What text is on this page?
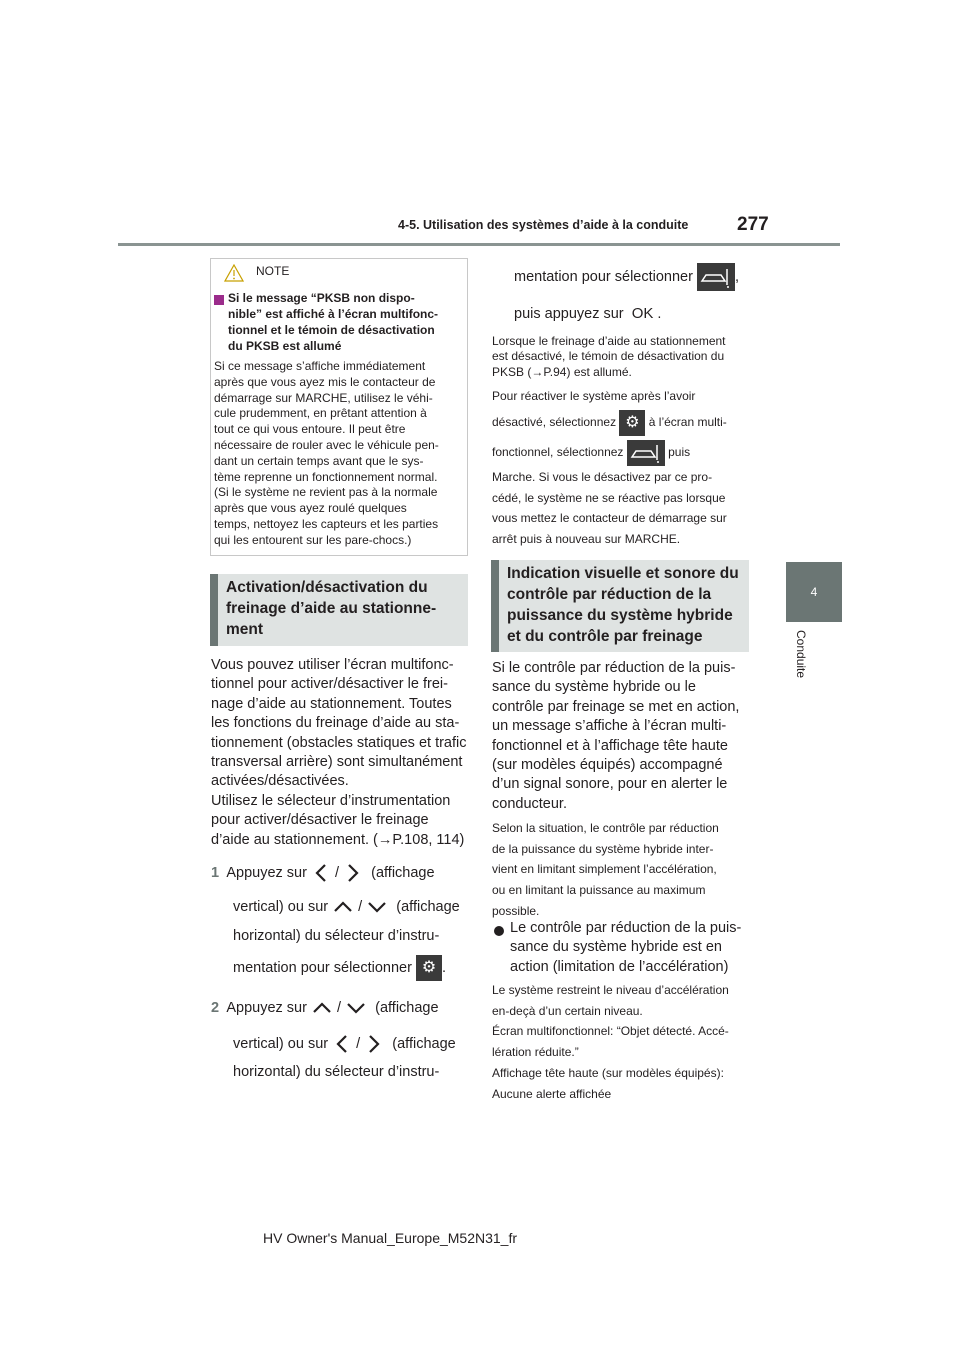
4-5. Utilisation des systèmes d’aide à la conduite	277
4
Conduite
NOTE
Si le message “PKSB non dispo-
nible” est affiché à l’écran multifonc-
tionnel et le témoin de désactivation
du PKSB est allumé
Si ce message s’affiche immédiatement
après que vous ayez mis le contacteur de
démarrage sur MARCHE, utilisez le véhi-
cule prudemment, en prêtant attention à
tout ce qui vous entoure. Il peut être
nécessaire de rouler avec le véhicule pen-
dant un certain temps avant que le sys-
tème reprenne un fonctionnement normal.
(Si le système ne revient pas à la normale
après que vous ayez roulé quelques
temps, nettoyez les capteurs et les parties
qui les entourent sur les pare-chocs.)
Activation/désactivation du
freinage d’aide au stationne-
ment
Vous pouvez utiliser l’écran multifonc-
tionnel pour activer/désactiver le frei-
nage d’aide au stationnement. Toutes
les fonctions du freinage d’aide au sta-
tionnement (obstacles statiques et trafic
transversal arrière) sont simultanément
activées/désactivées.
Utilisez le sélecteur d’instrumentation
pour activer/désactiver le freinage
d’aide au stationnement. (→P.108, 114)
1 Appuyez sur / (affichage
vertical) ou sur / (affichage
horizontal) du sélecteur d’instru-
mentation pour sélectionner ⚙ .
2 Appuyez sur / (affichage
vertical) ou sur / (affichage
horizontal) du sélecteur d’instru-
mentation pour sélectionner	,
puis appuyez sur OK .
Lorsque le freinage d’aide au stationnement
est désactivé, le témoin de désactivation du
PKSB (→P.94) est allumé.
Pour réactiver le système après l’avoir
désactivé, sélectionnez ⚙ à l’écran multi-
fonctionnel, sélectionnez	puis
Marche. Si vous le désactivez par ce pro-
cédé, le système ne se réactive pas lorsque
vous mettez le contacteur de démarrage sur
arrêt puis à nouveau sur MARCHE.
Indication visuelle et sonore du
contrôle par réduction de la
puissance du système hybride
et du contrôle par freinage
Si le contrôle par réduction de la puis-
sance du système hybride ou le
contrôle par freinage se met en action,
un message s’affiche à l’écran multi-
fonctionnel et à l’affichage tête haute
(sur modèles équipés) accompagné
d’un signal sonore, pour en alerter le
conducteur.
Selon la situation, le contrôle par réduction
de la puissance du système hybride inter-
vient en limitant simplement l’accélération,
ou en limitant la puissance au maximum
possible.
Le contrôle par réduction de la puis-
sance du système hybride est en
action (limitation de l’accélération)
Le système restreint le niveau d’accélération
en-deçà d’un certain niveau.
Écran multifonctionnel: “Objet détecté. Accé-
lération réduite.”
Affichage tête haute (sur modèles équipés):
Aucune alerte affichée
HV Owner's Manual_Europe_M52N31_fr
